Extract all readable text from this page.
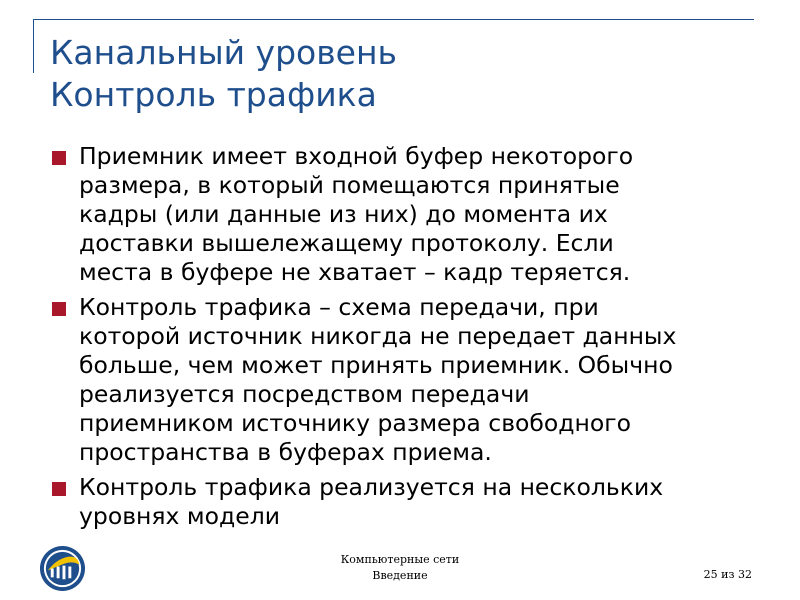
Канальный уровень
Контроль трафика
Приемник имеет входной буфер некоторого
размера, в который помещаются принятые
кадры (или данные из них) до момента их
доставки вышележащему протоколу. Если
места в буфере не хватает – кадр теряется.
Контроль трафика – схема передачи, при
которой источник никогда не передает данных
больше, чем может принять приемник. Обычно
реализуется посредством передачи
приемником источнику размера свободного
пространства в буферах приема.
Контроль трафика реализуется на нескольких
уровнях модели
Компьютерные сети
Введение	25 из 32
